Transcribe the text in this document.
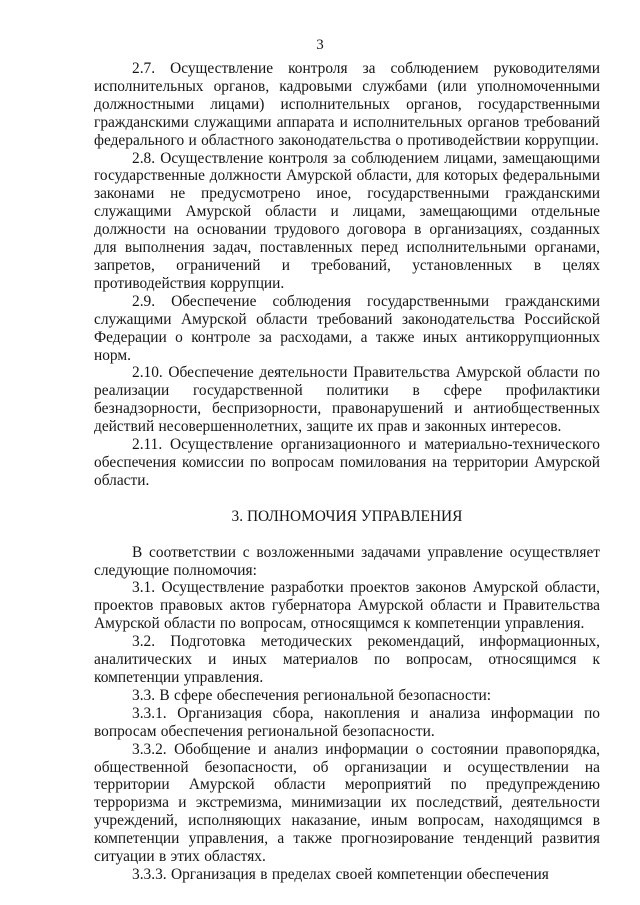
3

2.7. Осуществление контроля за соблюдением руководителями исполнительных органов, кадровыми службами (или уполномоченными должностными лицами) исполнительных органов, государственными гражданскими служащими аппарата и исполнительных органов требований федерального и областного законодательства о противодействии коррупции.

2.8. Осуществление контроля за соблюдением лицами, замещающими государственные должности Амурской области, для которых федеральными законами не предусмотрено иное, государственными гражданскими служащими Амурской области и лицами, замещающими отдельные должности на основании трудового договора в организациях, созданных для выполнения задач, поставленных перед исполнительными органами, запретов, ограничений и требований, установленных в целях противодействия коррупции.

2.9. Обеспечение соблюдения государственными гражданскими служащими Амурской области требований законодательства Российской Федерации о контроле за расходами, а также иных антикоррупционных норм.

2.10. Обеспечение деятельности Правительства Амурской области по реализации государственной политики в сфере профилактики безнадзорности, беспризорности, правонарушений и антиобщественных действий несовершеннолетних, защите их прав и законных интересов.

2.11. Осуществление организационного и материально-технического обеспечения комиссии по вопросам помилования на территории Амурской области.

3. ПОЛНОМОЧИЯ УПРАВЛЕНИЯ

В соответствии с возложенными задачами управление осуществляет следующие полномочия:

3.1. Осуществление разработки проектов законов Амурской области, проектов правовых актов губернатора Амурской области и Правительства Амурской области по вопросам, относящимся к компетенции управления.

3.2. Подготовка методических рекомендаций, информационных, аналитических и иных материалов по вопросам, относящимся к компетенции управления.

3.3. В сфере обеспечения региональной безопасности:

3.3.1. Организация сбора, накопления и анализа информации по вопросам обеспечения региональной безопасности.

3.3.2. Обобщение и анализ информации о состоянии правопорядка, общественной безопасности, об организации и осуществлении на территории Амурской области мероприятий по предупреждению терроризма и экстремизма, минимизации их последствий, деятельности учреждений, исполняющих наказание, иным вопросам, находящимся в компетенции управления, а также прогнозирование тенденций развития ситуации в этих областях.

3.3.3. Организация в пределах своей компетенции обеспечения
